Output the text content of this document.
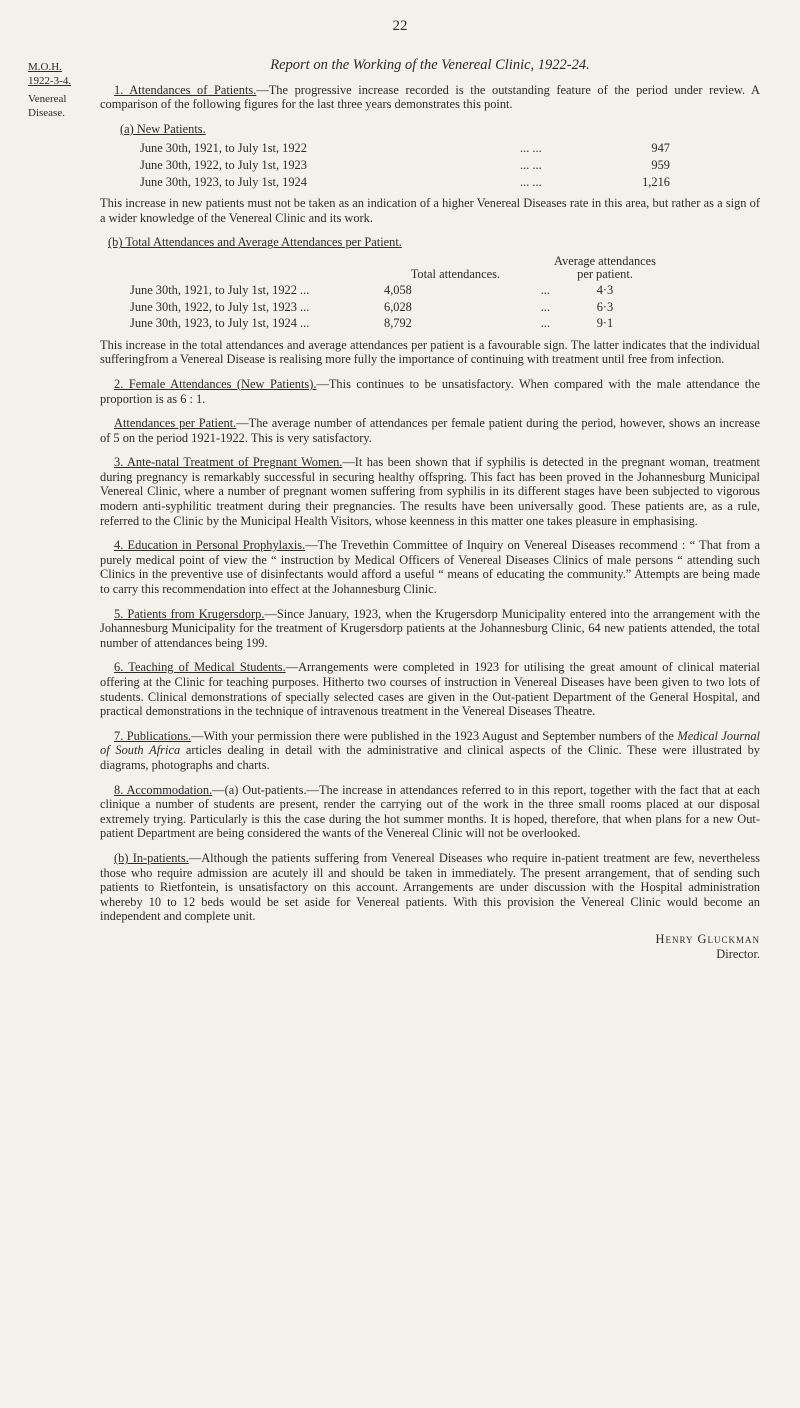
22
M.O.H. 1922-3-4.
Venereal Disease.
Report on the Working of the Venereal Clinic, 1922-24.

1. Attendances of Patients.—The progressive increase recorded is the outstanding feature of the period under review. A comparison of the following figures for the last three years demonstrates this point.

(a) New Patients.
June 30th, 1921, to July 1st, 1922	... ...	947
June 30th, 1922, to July 1st, 1923	... ...	959
June 30th, 1923, to July 1st, 1924	... ...	1,216

This increase in new patients must not be taken as an indication of a higher Venereal Diseases rate in this area, but rather as a sign of a wider knowledge of the Venereal Clinic and its work.

(b) Total Attendances and Average Attendances per Patient.
	Total attendances.		Average attendances per patient.
June 30th, 1921, to July 1st, 1922 ...	4,058	...	4·3
June 30th, 1922, to July 1st, 1923 ...	6,028	...	6·3
June 30th, 1923, to July 1st, 1924 ...	8,792	...	9·1

This increase in the total attendances and average attendances per patient is a favourable sign. The latter indicates that the individual sufferingfrom a Venereal Disease is realising more fully the importance of continuing with treatment until free from infection.

2. Female Attendances (New Patients).—This continues to be unsatisfactory. When compared with the male attendance the proportion is as 6 : 1.

Attendances per Patient.—The average number of attendances per female patient during the period, however, shows an increase of 5 on the period 1921-1922. This is very satisfactory.

3. Ante-natal Treatment of Pregnant Women.—It has been shown that if syphilis is detected in the pregnant woman, treatment during pregnancy is remarkably successful in securing healthy offspring. This fact has been proved in the Johannesburg Municipal Venereal Clinic, where a number of pregnant women suffering from syphilis in its different stages have been subjected to vigorous modern anti-syphilitic treatment during their pregnancies. The results have been universally good. These patients are, as a rule, referred to the Clinic by the Municipal Health Visitors, whose keenness in this matter one takes pleasure in emphasising.

4. Education in Personal Prophylaxis.—The Trevethin Committee of Inquiry on Venereal Diseases recommend : “ That from a purely medical point of view the “ instruction by Medical Officers of Venereal Diseases Clinics of male persons “ attending such Clinics in the preventive use of disinfectants would afford a useful “ means of educating the community.” Attempts are being made to carry this recommendation into effect at the Johannesburg Clinic.

5. Patients from Krugersdorp.—Since January, 1923, when the Krugersdorp Municipality entered into the arrangement with the Johannesburg Municipality for the treatment of Krugersdorp patients at the Johannesburg Clinic, 64 new patients attended, the total number of attendances being 199.

6. Teaching of Medical Students.—Arrangements were completed in 1923 for utilising the great amount of clinical material offering at the Clinic for teaching purposes. Hitherto two courses of instruction in Venereal Diseases have been given to two lots of students. Clinical demonstrations of specially selected cases are given in the Out-patient Department of the General Hospital, and practical demonstrations in the technique of intravenous treatment in the Venereal Diseases Theatre.

7. Publications.—With your permission there were published in the 1923 August and September numbers of the Medical Journal of South Africa articles dealing in detail with the administrative and clinical aspects of the Clinic. These were illustrated by diagrams, photographs and charts.

8. Accommodation.—(a) Out-patients.—The increase in attendances referred to in this report, together with the fact that at each clinique a number of students are present, render the carrying out of the work in the three small rooms placed at our disposal extremely trying. Particularly is this the case during the hot summer months. It is hoped, therefore, that when plans for a new Out-patient Department are being considered the wants of the Venereal Clinic will not be overlooked.

(b) In-patients.—Although the patients suffering from Venereal Diseases who require in-patient treatment are few, nevertheless those who require admission are acutely ill and should be taken in immediately. The present arrangement, that of sending such patients to Rietfontein, is unsatisfactory on this account. Arrangements are under discussion with the Hospital administration whereby 10 to 12 beds would be set aside for Venereal patients. With this provision the Venereal Clinic would become an independent and complete unit.

Henry Gluckman
Director.
